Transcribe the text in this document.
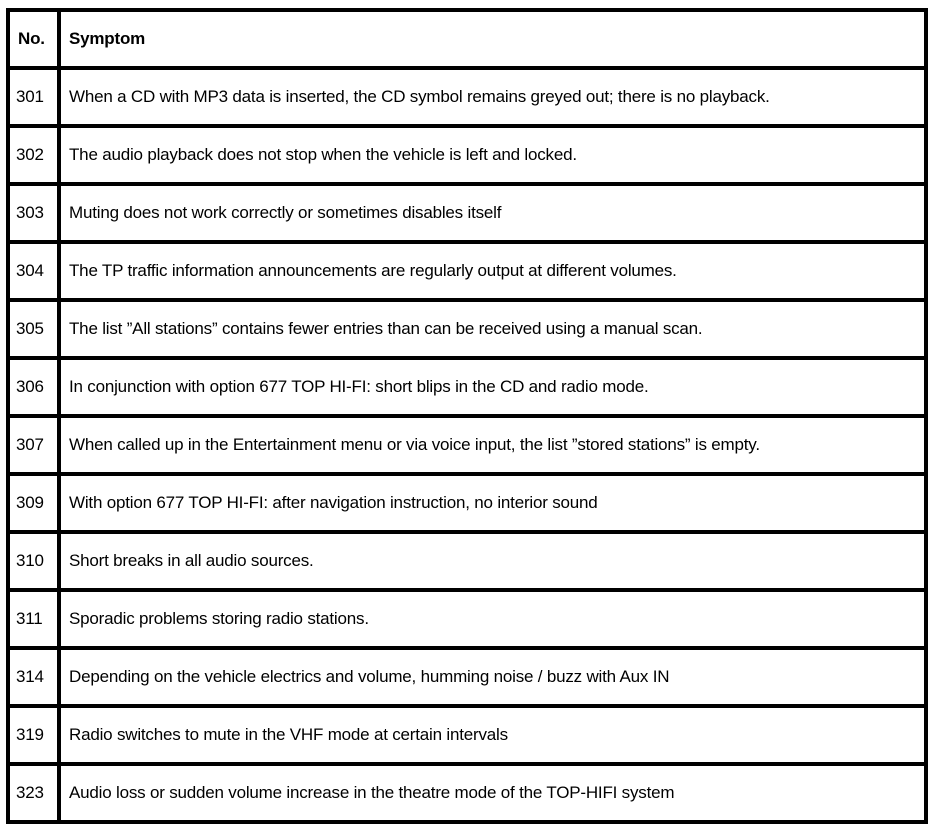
No.	Symptom
301	When a CD with MP3 data is inserted, the CD symbol remains greyed out; there is no playback.
302	The audio playback does not stop when the vehicle is left and locked.
303	Muting does not work correctly or sometimes disables itself
304	The TP traffic information announcements are regularly output at different volumes.
305	The list ”All stations” contains fewer entries than can be received using a manual scan.
306	In conjunction with option 677 TOP HI-FI: short blips in the CD and radio mode.
307	When called up in the Entertainment menu or via voice input, the list ”stored stations” is empty.
309	With option 677 TOP HI-FI: after navigation instruction, no interior sound
310	Short breaks in all audio sources.
311	Sporadic problems storing radio stations.
314	Depending on the vehicle electrics and volume, humming noise / buzz with Aux IN
319	Radio switches to mute in the VHF mode at certain intervals
323	Audio loss or sudden volume increase in the theatre mode of the TOP-HIFI system
